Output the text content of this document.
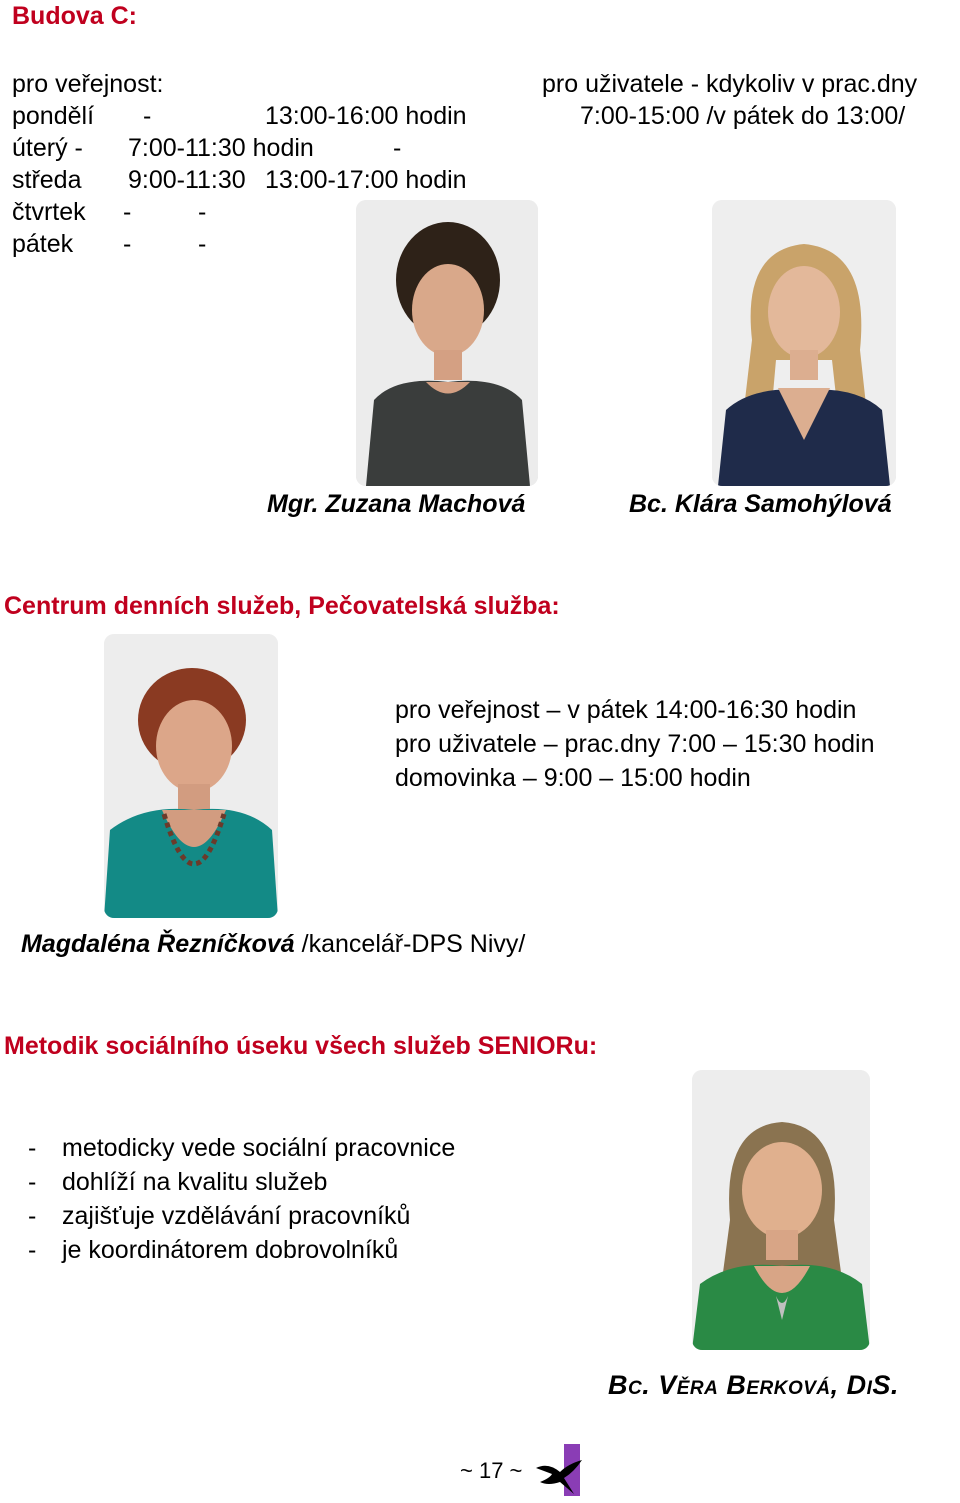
Budova C:
pro veřejnost:	pro uživatele - kdykoliv v prac.dny
pondělí -	13:00-16:00 hodin	7:00-15:00 /v pátek do 13:00/
úterý - 7:00-11:30 hodin	-
středa 9:00-11:30 13:00-17:00 hodin
čtvrtek -	-
pátek -	-
Mgr. Zuzana Machová	Bc. Klára Samohýlová
Centrum denních služeb, Pečovatelská služba:
pro veřejnost – v pátek 14:00-16:30 hodin
pro uživatele – prac.dny 7:00 – 15:30 hodin
domovinka – 9:00 – 15:00 hodin
Magdaléna Řezníčková /kancelář-DPS Nivy/
Metodik sociálního úseku všech služeb SENIORu:
- metodicky vede sociální pracovnice
- dohlíží na kvalitu služeb
- zajišťuje vzdělávání pracovníků
- je koordinátorem dobrovolníků
Bc. Věra Berková, DiS.
~ 17 ~
